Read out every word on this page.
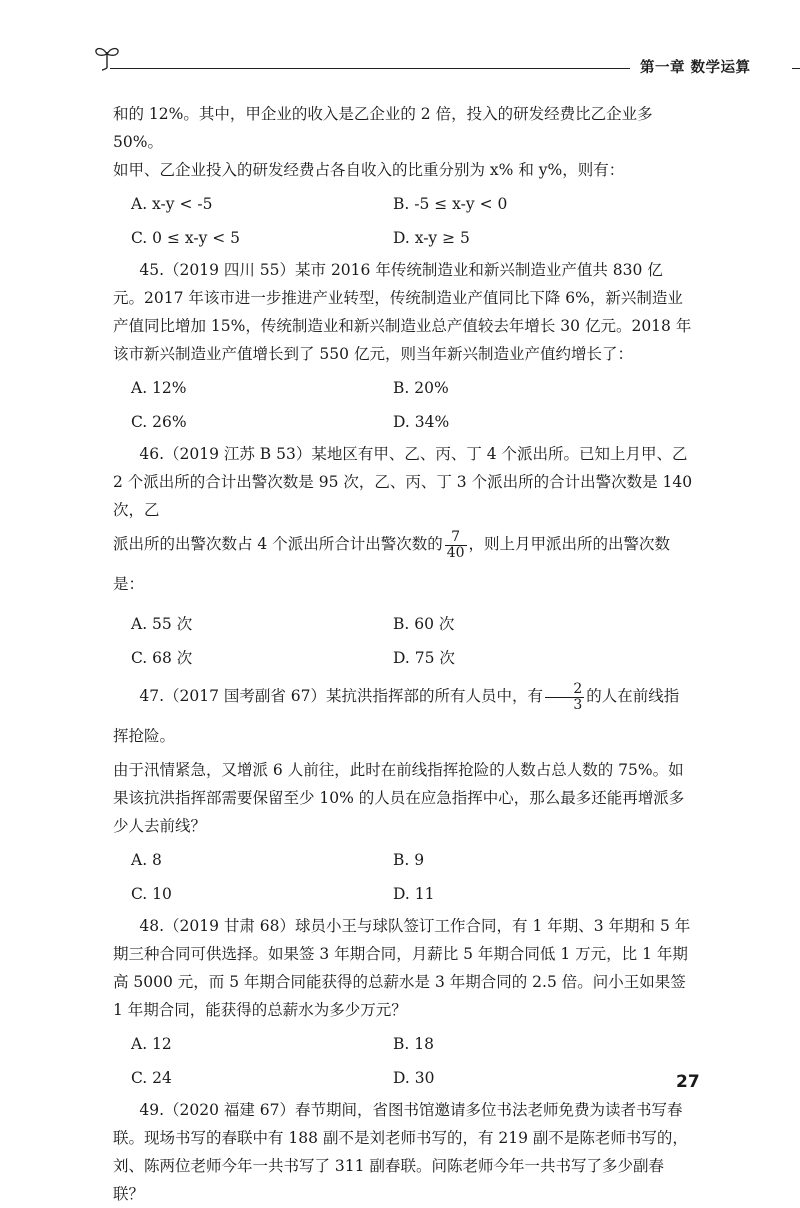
第一章 数学运算

和的 12%。其中，甲企业的收入是乙企业的 2 倍，投入的研发经费比乙企业多 50%。

如甲、乙企业投入的研发经费占各自收入的比重分别为 x% 和 y%，则有：

A. x-y < -5	B. -5 ≤ x-y < 0
C. 0 ≤ x-y < 5	D. x-y ≥ 5

45.（2019 四川 55）某市 2016 年传统制造业和新兴制造业产值共 830 亿元。2017 年该市进一步推进产业转型，传统制造业产值同比下降 6%，新兴制造业产值同比增加 15%，传统制造业和新兴制造业总产值较去年增长 30 亿元。2018 年该市新兴制造业产值增长到了 550 亿元，则当年新兴制造业产值约增长了：

A. 12%	B. 20%
C. 26%	D. 34%

46.（2019 江苏 B 53）某地区有甲、乙、丙、丁 4 个派出所。已知上月甲、乙 2 个派出所的合计出警次数是 95 次，乙、丙、丁 3 个派出所的合计出警次数是 140 次，乙

派出所的出警次数占 4 个派出所合计出警次数的 $\frac{7}{40}$ ，则上月甲派出所的出警次数是：

A. 55 次	B. 60 次
C. 68 次	D. 75 次

47.（2017 国考副省 67）某抗洪指挥部的所有人员中，有 $\frac{2}{3}$ 的人在前线指挥抢险。

由于汛情紧急，又增派 6 人前往，此时在前线指挥抢险的人数占总人数的 75%。如果该抗洪指挥部需要保留至少 10% 的人员在应急指挥中心，那么最多还能再增派多少人去前线？

A. 8	B. 9
C. 10	D. 11

48.（2019 甘肃 68）球员小王与球队签订工作合同，有 1 年期、3 年期和 5 年期三种合同可供选择。如果签 3 年期合同，月薪比 5 年期合同低 1 万元，比 1 年期高 5000 元，而 5 年期合同能获得的总薪水是 3 年期合同的 2.5 倍。问小王如果签 1 年期合同，能获得的总薪水为多少万元？

A. 12	B. 18
C. 24	D. 30

49.（2020 福建 67）春节期间，省图书馆邀请多位书法老师免费为读者书写春联。现场书写的春联中有 188 副不是刘老师书写的，有 219 副不是陈老师书写的，刘、陈两位老师今年一共书写了 311 副春联。问陈老师今年一共书写了多少副春联？

27
